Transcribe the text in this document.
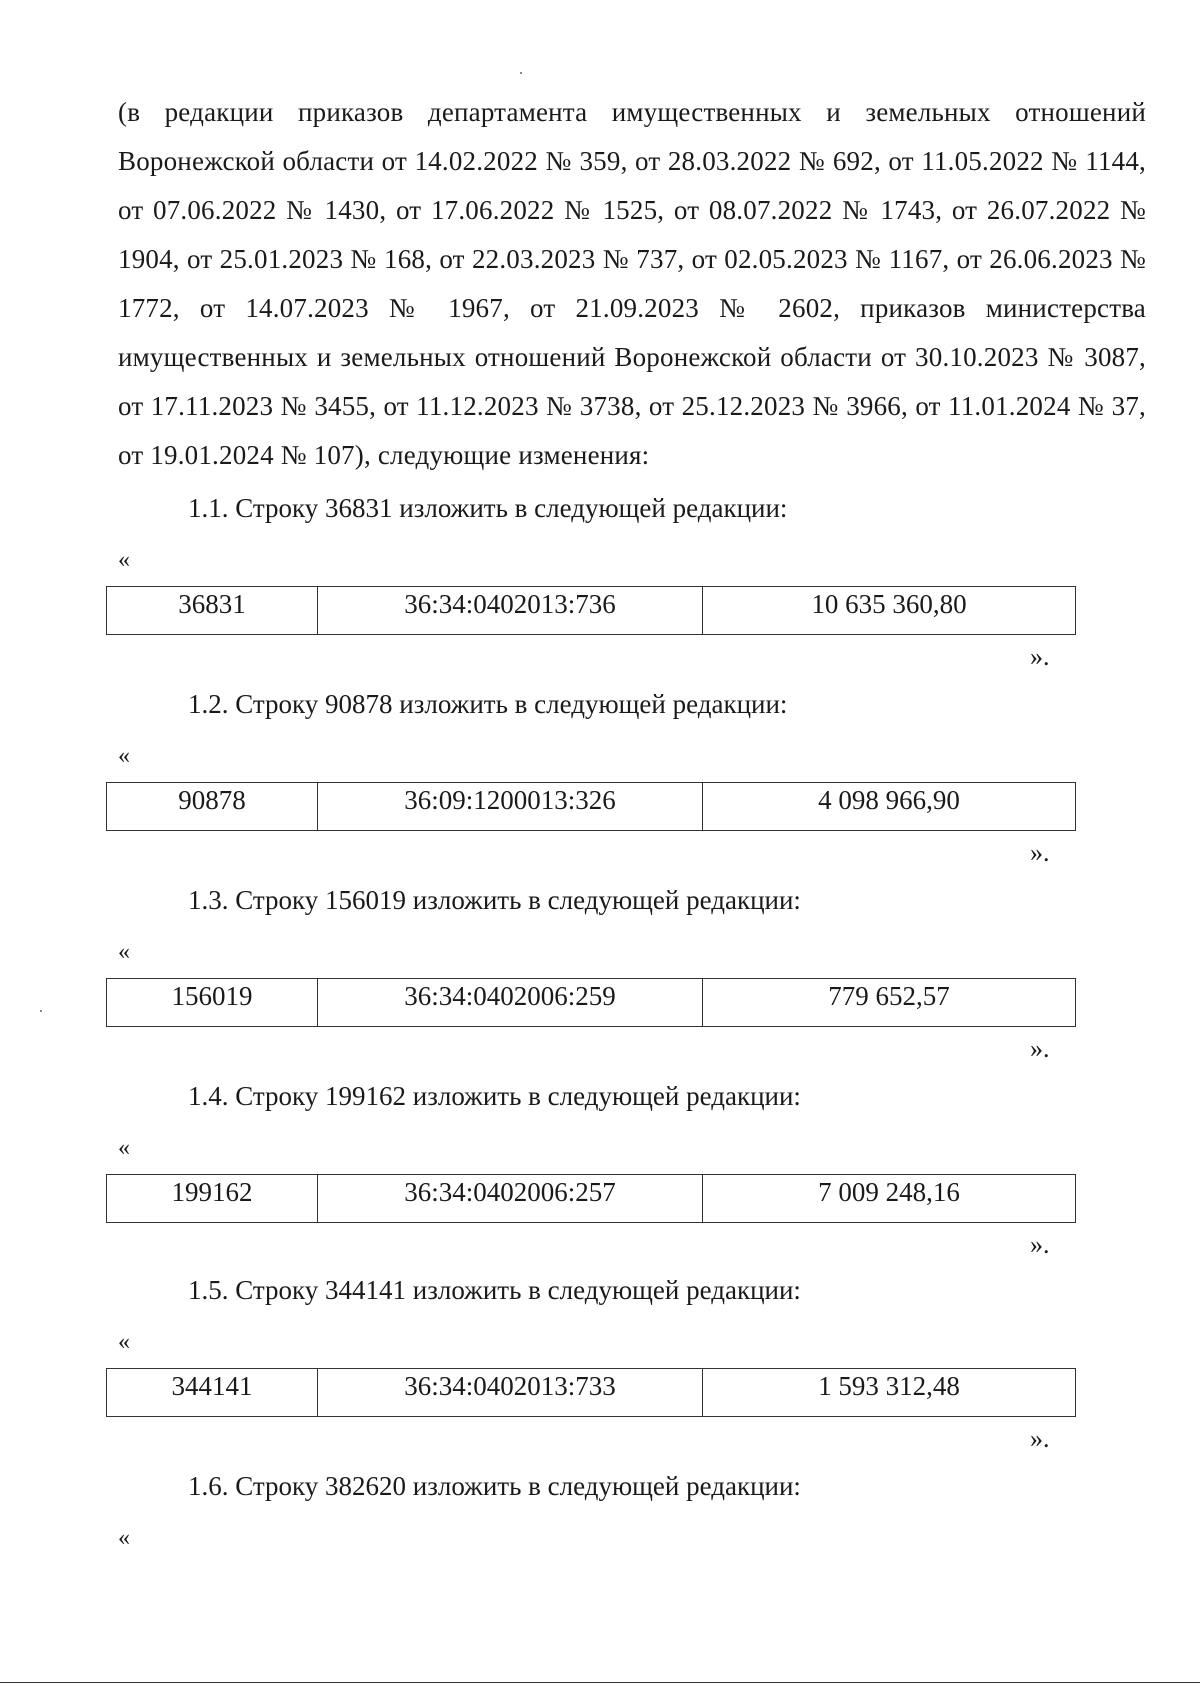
(в редакции приказов департамента имущественных и земельных отношений Воронежской области от 14.02.2022 № 359, от 28.03.2022 № 692, от 11.05.2022 № 1144, от 07.06.2022 № 1430, от 17.06.2022 № 1525, от 08.07.2022 № 1743, от 26.07.2022 № 1904, от 25.01.2023 № 168, от 22.03.2023 № 737, от 02.05.2023 № 1167, от 26.06.2023 № 1772, от 14.07.2023 № 1967, от 21.09.2023 № 2602, приказов министерства имущественных и земельных отношений Воронежской области от 30.10.2023 № 3087, от 17.11.2023 № 3455, от 11.12.2023 № 3738, от 25.12.2023 № 3966, от 11.01.2024 № 37, от 19.01.2024 № 107), следующие изменения:
1.1. Строку 36831 изложить в следующей редакции:
«
36831	36:34:0402013:736	10 635 360,80
».
1.2. Строку 90878 изложить в следующей редакции:
«
90878	36:09:1200013:326	4 098 966,90
».
1.3. Строку 156019 изложить в следующей редакции:
«
156019	36:34:0402006:259	779 652,57
».
1.4. Строку 199162 изложить в следующей редакции:
«
199162	36:34:0402006:257	7 009 248,16
».
1.5. Строку 344141 изложить в следующей редакции:
«
344141	36:34:0402013:733	1 593 312,48
».
1.6. Строку 382620 изложить в следующей редакции:
«
